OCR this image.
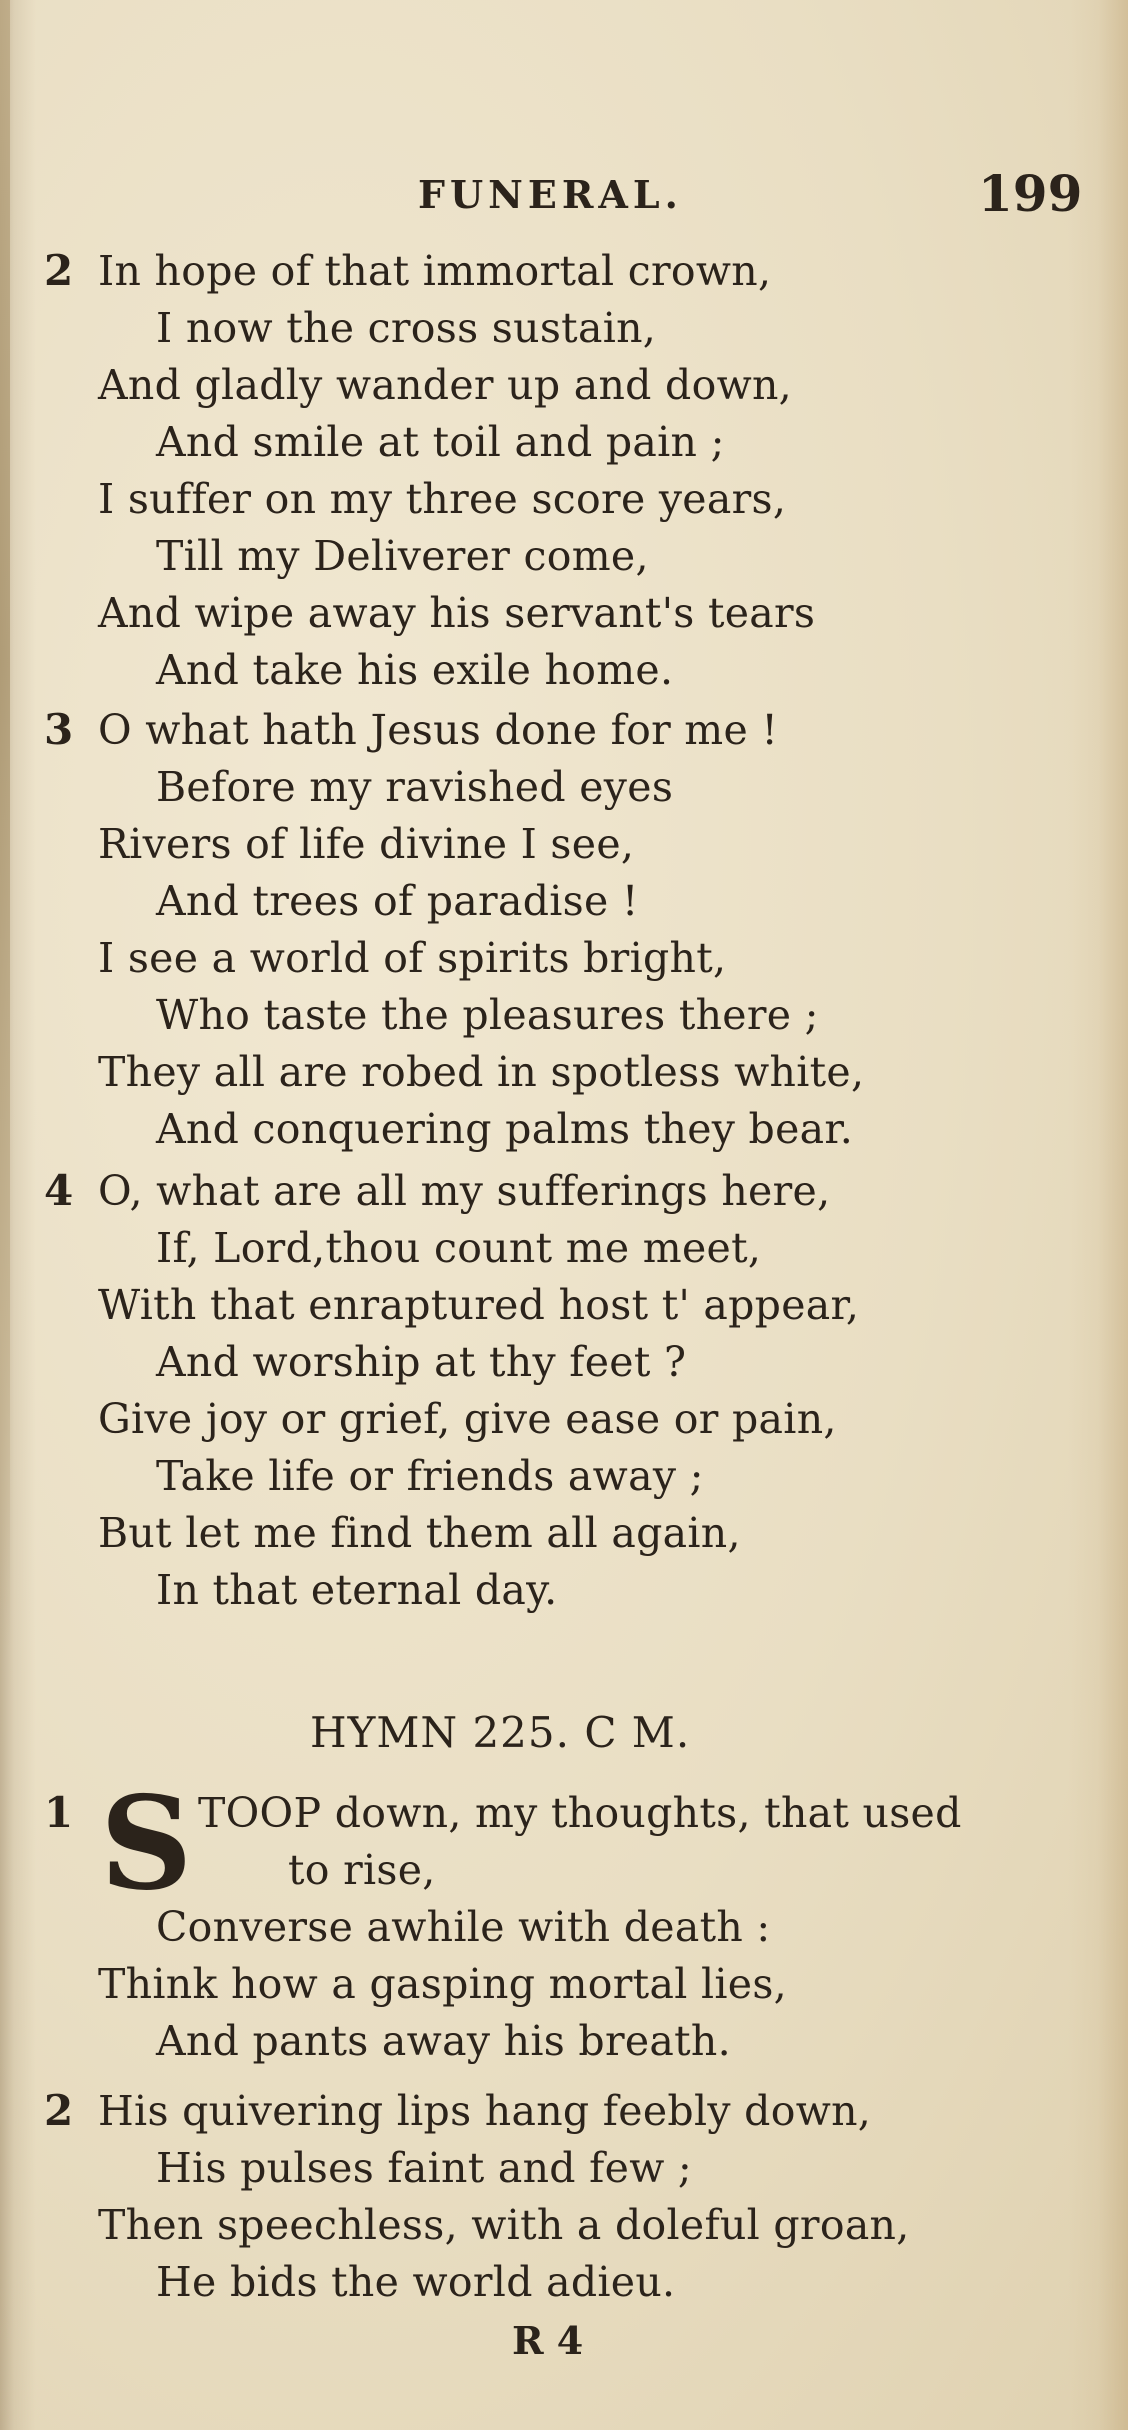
FUNERAL.	199
2 In hope of that immortal crown,
I now the cross sustain,
And gladly wander up and down,
And smile at toil and pain ;
I suffer on my three score years,
Till my Deliverer come,
And wipe away his servant's tears
And take his exile home.
3 O what hath Jesus done for me !
Before my ravished eyes
Rivers of life divine I see,
And trees of paradise !
I see a world of spirits bright,
Who taste the pleasures there ;
They all are robed in spotless white,
And conquering palms they bear.
4 O, what are all my sufferings here,
If, Lord,thou count me meet,
With that enraptured host t' appear,
And worship at thy feet ?
Give joy or grief, give ease or pain,
Take life or friends away ;
But let me find them all again,
In that eternal day.
HYMN 225. C M.
1 S TOOP down, my thoughts, that used
to rise,
Converse awhile with death :
Think how a gasping mortal lies,
And pants away his breath.
2 His quivering lips hang feebly down,
His pulses faint and few ;
Then speechless, with a doleful groan,
He bids the world adieu.
R 4
